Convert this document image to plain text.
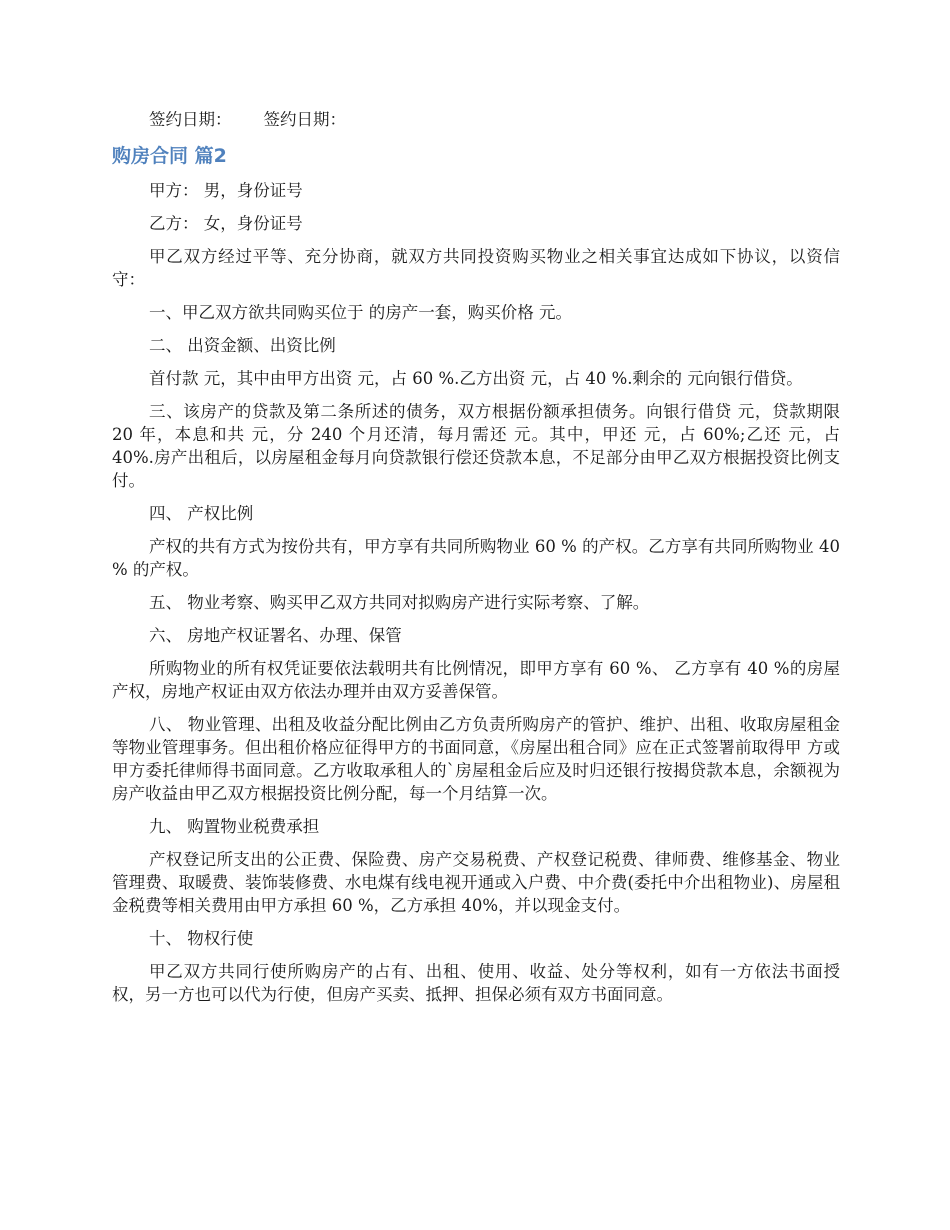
签约日期： 签约日期：
购房合同 篇2

甲方： 男，身份证号

乙方： 女，身份证号

甲乙双方经过平等、充分协商，就双方共同投资购买物业之相关事宜达成如下协议，以资信守：

一、甲乙双方欲共同购买位于 的房产一套，购买价格 元。

二、 出资金额、出资比例

首付款 元，其中由甲方出资 元，占 60 %.乙方出资 元，占 40 %.剩余的 元向银行借贷。

三、该房产的贷款及第二条所述的债务，双方根据份额承担债务。向银行借贷 元，贷款期限 20 年，本息和共 元，分 240 个月还清，每月需还 元。其中，甲还 元，占 60%;乙还 元，占 40%.房产出租后，以房屋租金每月向贷款银行偿还贷款本息，不足部分由甲乙双方根据投资比例支付。

四、 产权比例

产权的共有方式为按份共有，甲方享有共同所购物业 60 % 的产权。乙方享有共同所购物业 40 % 的产权。

五、 物业考察、购买甲乙双方共同对拟购房产进行实际考察、了解。

六、 房地产权证署名、办理、保管

所购物业的所有权凭证要依法载明共有比例情况，即甲方享有 60 %、 乙方享有 40 %的房屋产权，房地产权证由双方依法办理并由双方妥善保管。

八、 物业管理、出租及收益分配比例由乙方负责所购房产的管护、维护、出租、收取房屋租金等物业管理事务。但出租价格应征得甲方的书面同意，《房屋出租合同》应在正式签署前取得甲 方或甲方委托律师得书面同意。乙方收取承租人的`房屋租金后应及时归还银行按揭贷款本息，余额视为房产收益由甲乙双方根据投资比例分配，每一个月结算一次。

九、 购置物业税费承担

产权登记所支出的公正费、保险费、房产交易税费、产权登记税费、律师费、维修基金、物业管理费、取暖费、装饰装修费、水电煤有线电视开通或入户费、中介费(委托中介出租物业)、房屋租金税费等相关费用由甲方承担 60 %，乙方承担 40%，并以现金支付。

十、 物权行使

甲乙双方共同行使所购房产的占有、出租、使用、收益、处分等权利，如有一方依法书面授权，另一方也可以代为行使，但房产买卖、抵押、担保必须有双方书面同意。
